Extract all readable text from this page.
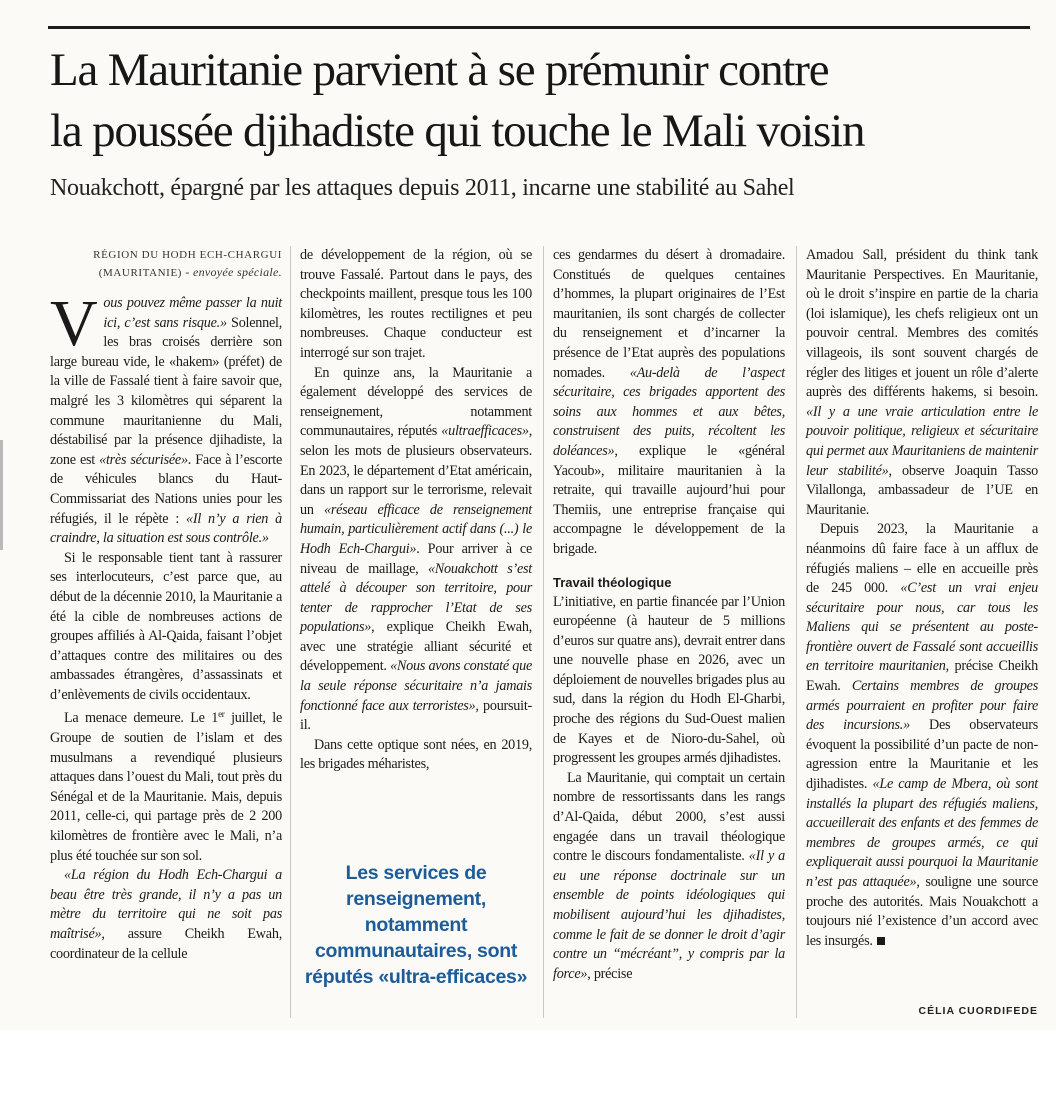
La Mauritanie parvient à se prémunir contre
la poussée djihadiste qui touche le Mali voisin
Nouakchott, épargné par les attaques depuis 2011, incarne une stabilité au Sahel
RÉGION DU HODH ECH-CHARGUI
(MAURITANIE) - envoyée spéciale.

Vous pouvez même passer la nuit ici, c’est sans risque.» Solennel, les bras croisés derrière son large bureau vide, le «hakem» (préfet) de la ville de Fassalé tient à faire savoir que, malgré les 3 kilomètres qui séparent la commune mauritanienne du Mali, déstabilisé par la présence djihadiste, la zone est «très sécurisée». Face à l’escorte de véhicules blancs du Haut-Commissariat des Nations unies pour les réfugiés, il le répète : «Il n’y a rien à craindre, la situation est sous contrôle.»

Si le responsable tient tant à rassurer ses interlocuteurs, c’est parce que, au début de la décennie 2010, la Mauritanie a été la cible de nombreuses actions de groupes affiliés à Al-Qaida, faisant l’objet d’attaques contre des militaires ou des ambassades étrangères, d’assassinats et d’enlèvements de civils occidentaux.

La menace demeure. Le 1er juillet, le Groupe de soutien de l’islam et des musulmans a revendiqué plusieurs attaques dans l’ouest du Mali, tout près du Sénégal et de la Mauritanie. Mais, depuis 2011, celle-ci, qui partage près de 2 200 kilomètres de frontière avec le Mali, n’a plus été touchée sur son sol.

«La région du Hodh Ech-Chargui a beau être très grande, il n’y a pas un mètre du territoire qui ne soit pas maîtrisé», assure Cheikh Ewah, coordinateur de la cellule

de développement de la région, où se trouve Fassalé. Partout dans le pays, des checkpoints maillent, presque tous les 100 kilomètres, les routes rectilignes et peu nombreuses. Chaque conducteur est interrogé sur son trajet.

En quinze ans, la Mauritanie a également développé des services de renseignement, notamment communautaires, réputés «ultraefficaces», selon les mots de plusieurs observateurs. En 2023, le département d’Etat américain, dans un rapport sur le terrorisme, relevait un «réseau efficace de renseignement humain, particulièrement actif dans (...) le Hodh Ech-Chargui». Pour arriver à ce niveau de maillage, «Nouakchott s’est attelé à découper son territoire, pour tenter de rapprocher l’Etat de ses populations», explique Cheikh Ewah, avec une stratégie alliant sécurité et développement. «Nous avons constaté que la seule réponse sécuritaire n’a jamais fonctionné face aux terroristes», poursuit-il.

Dans cette optique sont nées, en 2019, les brigades méharistes,

Les services de renseignement, notamment communautaires, sont réputés «ultra-efficaces»

ces gendarmes du désert à dromadaire. Constitués de quelques centaines d’hommes, la plupart originaires de l’Est mauritanien, ils sont chargés de collecter du renseignement et d’incarner la présence de l’Etat auprès des populations nomades. «Au-delà de l’aspect sécuritaire, ces brigades apportent des soins aux hommes et aux bêtes, construisent des puits, récoltent les doléances», explique le «général Yacoub», militaire mauritanien à la retraite, qui travaille aujourd’hui pour Themiis, une entreprise française qui accompagne le développement de la brigade.

Travail théologique

L’initiative, en partie financée par l’Union européenne (à hauteur de 5 millions d’euros sur quatre ans), devrait entrer dans une nouvelle phase en 2026, avec un déploiement de nouvelles brigades plus au sud, dans la région du Hodh El-Gharbi, proche des régions du Sud-Ouest malien de Kayes et de Nioro-du-Sahel, où progressent les groupes armés djihadistes.

La Mauritanie, qui comptait un certain nombre de ressortissants dans les rangs d’Al-Qaida, début 2000, s’est aussi engagée dans un travail théologique contre le discours fondamentaliste. «Il y a eu une réponse doctrinale sur un ensemble de points idéologiques qui mobilisent aujourd’hui les djihadistes, comme le fait de se donner le droit d’agir contre un “mécréant”, y compris par la force», précise

Amadou Sall, président du think tank Mauritanie Perspectives. En Mauritanie, où le droit s’inspire en partie de la charia (loi islamique), les chefs religieux ont un pouvoir central. Membres des comités villageois, ils sont souvent chargés de régler des litiges et jouent un rôle d’alerte auprès des différents hakems, si besoin. «Il y a une vraie articulation entre le pouvoir politique, religieux et sécuritaire qui permet aux Mauritaniens de maintenir leur stabilité», observe Joaquin Tasso Vilallonga, ambassadeur de l’UE en Mauritanie.

Depuis 2023, la Mauritanie a néanmoins dû faire face à un afflux de réfugiés maliens – elle en accueille près de 245 000. «C’est un vrai enjeu sécuritaire pour nous, car tous les Maliens qui se présentent au poste-frontière ouvert de Fassalé sont accueillis en territoire mauritanien, précise Cheikh Ewah. Certains membres de groupes armés pourraient en profiter pour faire des incursions.» Des observateurs évoquent la possibilité d’un pacte de non-agression entre la Mauritanie et les djihadistes. «Le camp de Mbera, où sont installés la plupart des réfugiés maliens, accueillerait des enfants et des femmes de membres de groupes armés, ce qui expliquerait aussi pourquoi la Mauritanie n’est pas attaquée», souligne une source proche des autorités. Mais Nouakchott a toujours nié l’existence d’un accord avec les insurgés.

CÉLIA CUORDIFEDE
